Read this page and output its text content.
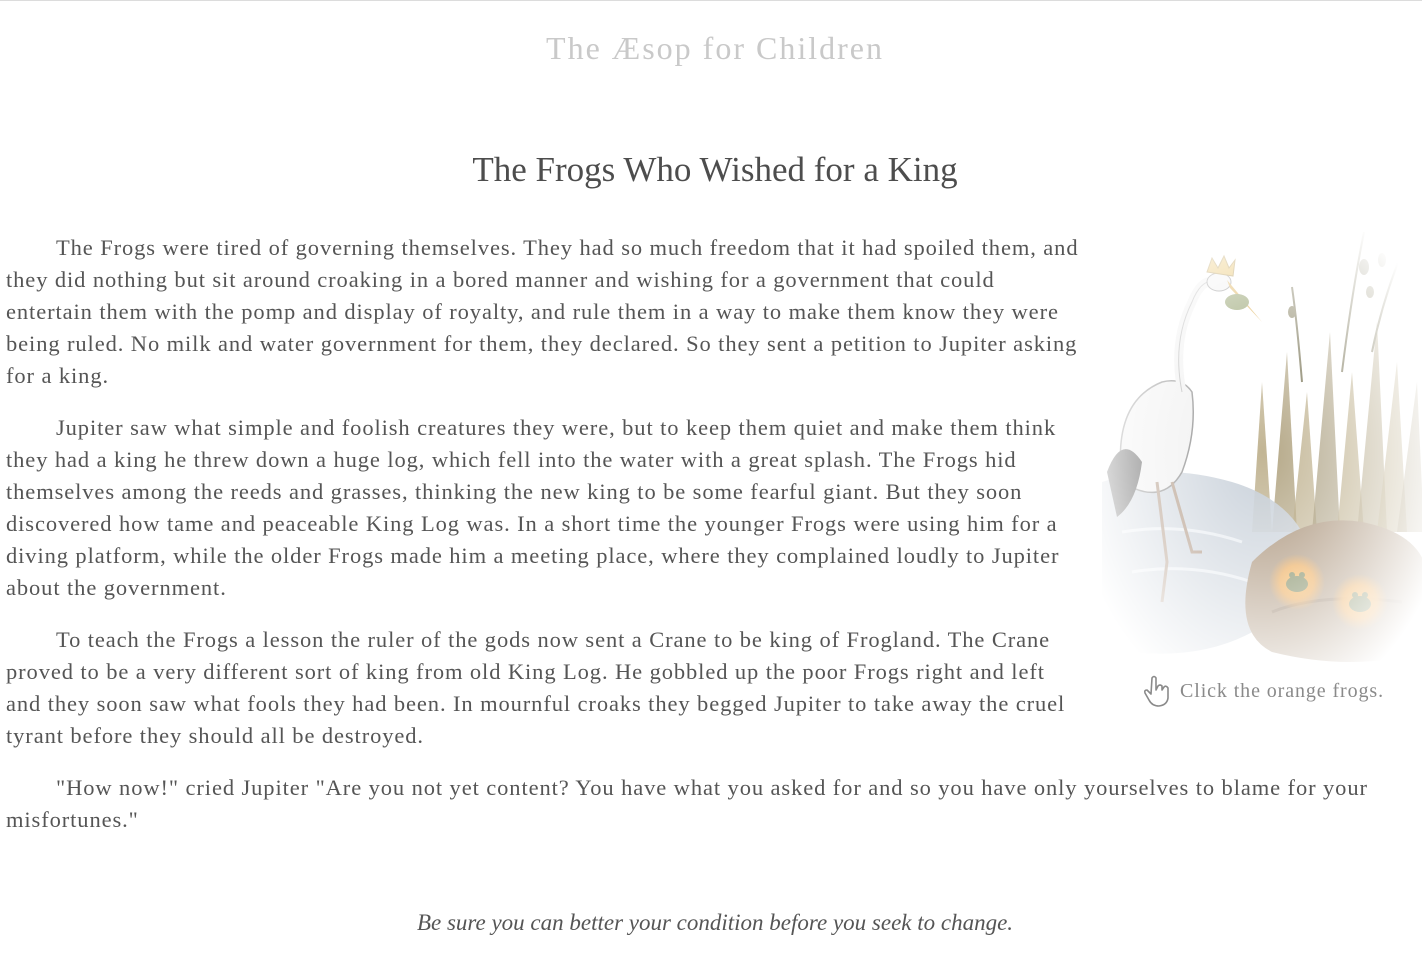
The Æsop for Children
The Frogs Who Wished for a King
Click the orange frogs.

The Frogs were tired of governing themselves. They had so much freedom that it had spoiled them, and they did nothing but sit around croaking in a bored manner and wishing for a government that could entertain them with the pomp and display of royalty, and rule them in a way to make them know they were being ruled. No milk and water government for them, they declared. So they sent a petition to Jupiter asking for a king.

Jupiter saw what simple and foolish creatures they were, but to keep them quiet and make them think they had a king he threw down a huge log, which fell into the water with a great splash. The Frogs hid themselves among the reeds and grasses, thinking the new king to be some fearful giant. But they soon discovered how tame and peaceable King Log was. In a short time the younger Frogs were using him for a diving platform, while the older Frogs made him a meeting place, where they complained loudly to Jupiter about the government.

To teach the Frogs a lesson the ruler of the gods now sent a Crane to be king of Frogland. The Crane proved to be a very different sort of king from old King Log. He gobbled up the poor Frogs right and left and they soon saw what fools they had been. In mournful croaks they begged Jupiter to take away the cruel tyrant before they should all be destroyed.

"How now!" cried Jupiter "Are you not yet content? You have what you asked for and so you have only yourselves to blame for your misfortunes."

Be sure you can better your condition before you seek to change.
